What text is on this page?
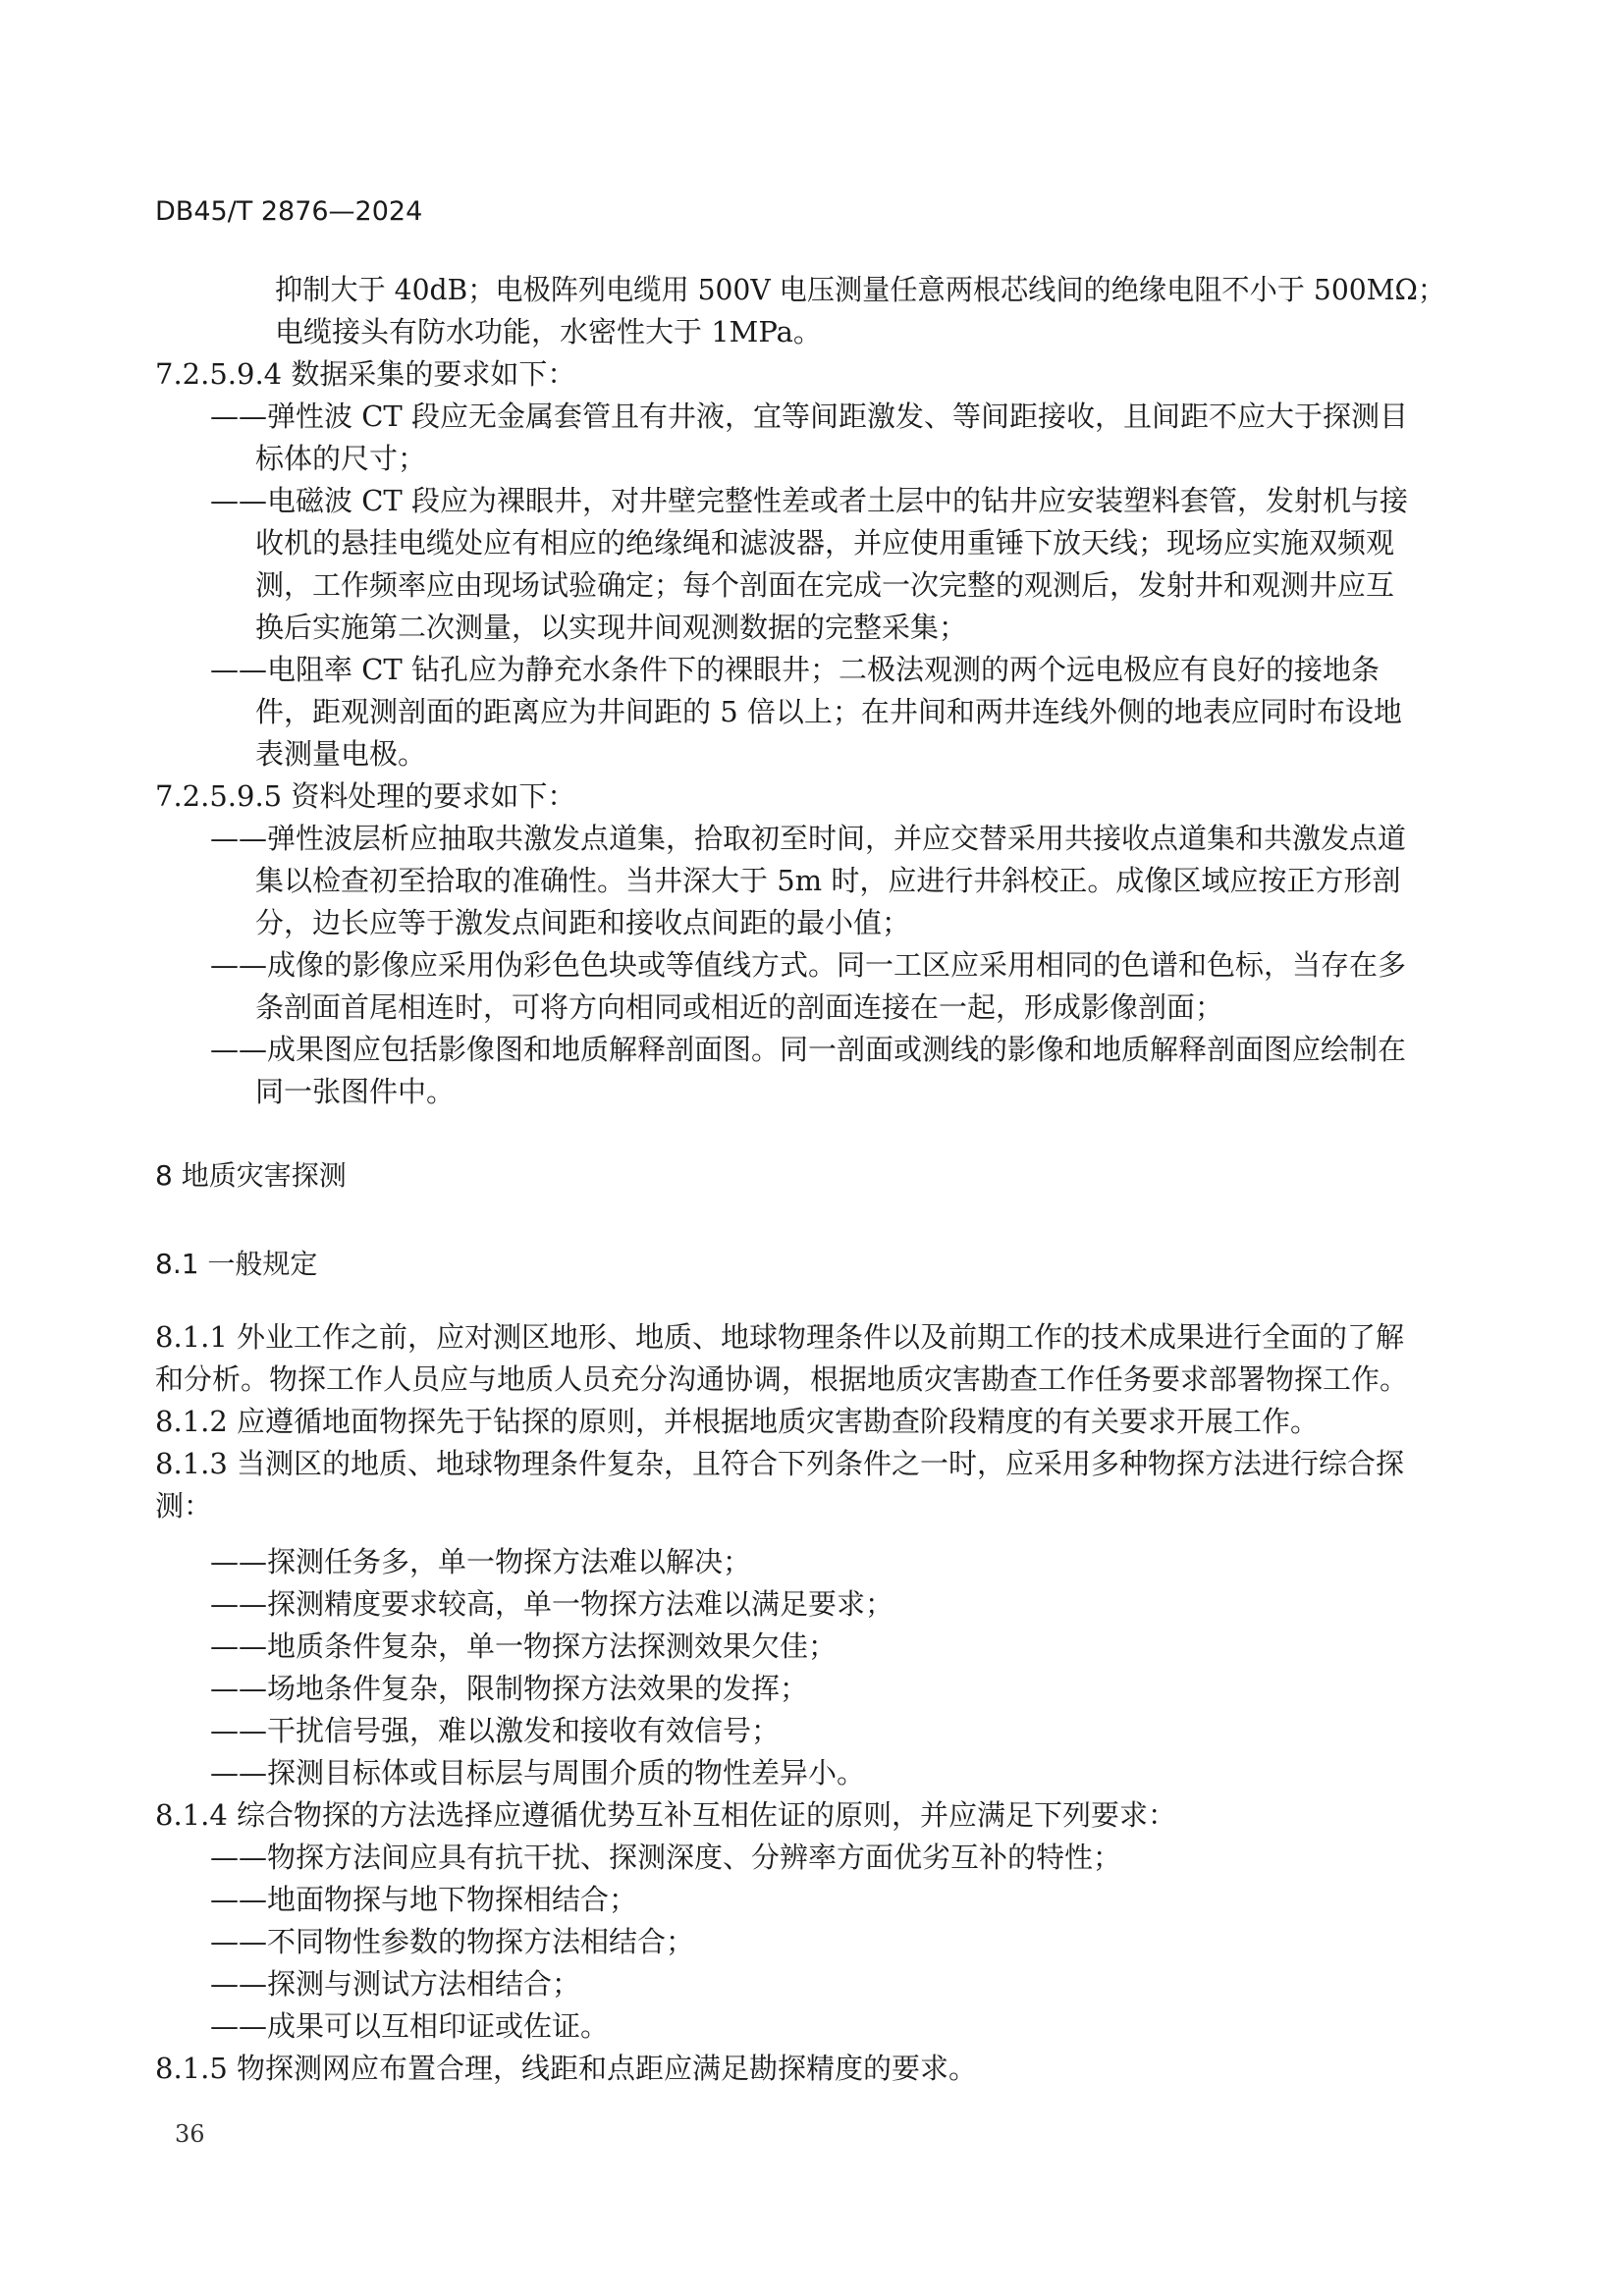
DB45/T 2876—2024
抑制大于 40dB；电极阵列电缆用 500V 电压测量任意两根芯线间的绝缘电阻不小于 500MΩ；
电缆接头有防水功能，水密性大于 1MPa。
7.2.5.9.4 数据采集的要求如下：
——弹性波 CT 段应无金属套管且有井液，宜等间距激发、等间距接收，且间距不应大于探测目
标体的尺寸；
——电磁波 CT 段应为裸眼井，对井壁完整性差或者土层中的钻井应安装塑料套管，发射机与接
收机的悬挂电缆处应有相应的绝缘绳和滤波器，并应使用重锤下放天线；现场应实施双频观
测，工作频率应由现场试验确定；每个剖面在完成一次完整的观测后，发射井和观测井应互
换后实施第二次测量，以实现井间观测数据的完整采集；
——电阻率 CT 钻孔应为静充水条件下的裸眼井；二极法观测的两个远电极应有良好的接地条
件，距观测剖面的距离应为井间距的 5 倍以上；在井间和两井连线外侧的地表应同时布设地
表测量电极。
7.2.5.9.5 资料处理的要求如下：
——弹性波层析应抽取共激发点道集，拾取初至时间，并应交替采用共接收点道集和共激发点道
集以检查初至拾取的准确性。当井深大于 5m 时，应进行井斜校正。成像区域应按正方形剖
分，边长应等于激发点间距和接收点间距的最小值；
——成像的影像应采用伪彩色色块或等值线方式。同一工区应采用相同的色谱和色标，当存在多
条剖面首尾相连时，可将方向相同或相近的剖面连接在一起，形成影像剖面；
——成果图应包括影像图和地质解释剖面图。同一剖面或测线的影像和地质解释剖面图应绘制在
同一张图件中。
8 地质灾害探测
8.1 一般规定
8.1.1 外业工作之前，应对测区地形、地质、地球物理条件以及前期工作的技术成果进行全面的了解
和分析。物探工作人员应与地质人员充分沟通协调，根据地质灾害勘查工作任务要求部署物探工作。
8.1.2 应遵循地面物探先于钻探的原则，并根据地质灾害勘查阶段精度的有关要求开展工作。
8.1.3 当测区的地质、地球物理条件复杂，且符合下列条件之一时，应采用多种物探方法进行综合探
测：
——探测任务多，单一物探方法难以解决；
——探测精度要求较高，单一物探方法难以满足要求；
——地质条件复杂，单一物探方法探测效果欠佳；
——场地条件复杂，限制物探方法效果的发挥；
——干扰信号强，难以激发和接收有效信号；
——探测目标体或目标层与周围介质的物性差异小。
8.1.4 综合物探的方法选择应遵循优势互补互相佐证的原则，并应满足下列要求：
——物探方法间应具有抗干扰、探测深度、分辨率方面优劣互补的特性；
——地面物探与地下物探相结合；
——不同物性参数的物探方法相结合；
——探测与测试方法相结合；
——成果可以互相印证或佐证。
8.1.5 物探测网应布置合理，线距和点距应满足勘探精度的要求。
36
